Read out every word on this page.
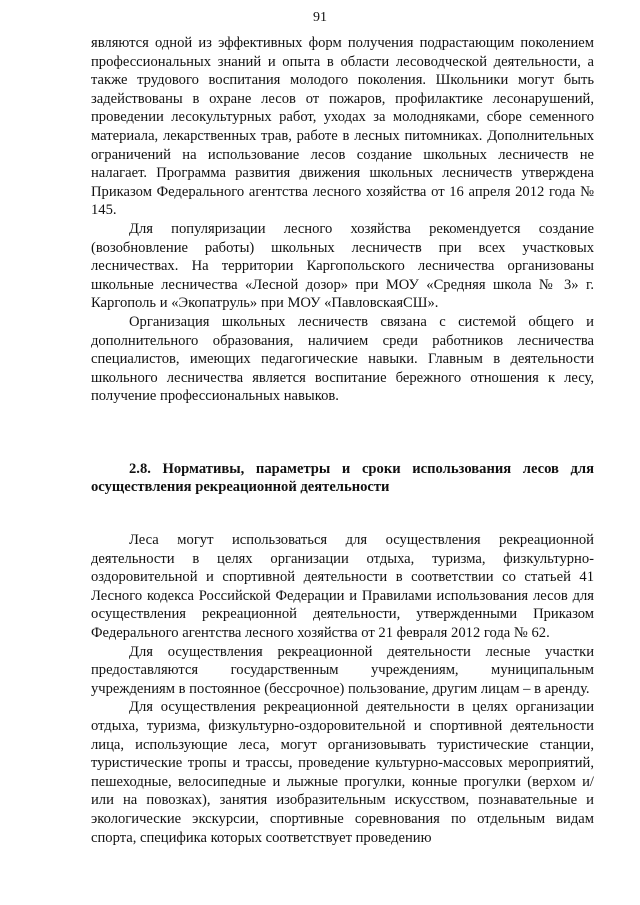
91

являются одной из эффективных форм получения подрастающим поколением профессиональных знаний и опыта в области лесоводческой деятельности, а также трудового воспитания молодого поколения. Школьники могут быть задействованы в охране лесов от пожаров, профилактике лесонарушений, проведении лесокультурных работ, уходах за молодняками, сборе семенного материала, лекарственных трав, работе в лесных питомниках. Дополнительных ограничений на использование лесов создание школьных лесничеств не налагает. Программа развития движения школьных лесничеств утверждена Приказом Федерального агентства лесного хозяйства от 16 апреля 2012 года № 145.

Для популяризации лесного хозяйства рекомендуется создание (возобновление работы) школьных лесничеств при всех участковых лесничествах. На территории Каргопольского лесничества организованы школьные лесничества «Лесной дозор» при МОУ «Средняя школа № 3» г. Каргополь и «Экопатруль» при МОУ «ПавловскаяСШ».

Организация школьных лесничеств связана с системой общего и дополнительного образования, наличием среди работников лесничества специалистов, имеющих педагогические навыки. Главным в деятельности школьного лесничества является воспитание бережного отношения к лесу, получение профессиональных навыков.

2.8. Нормативы, параметры и сроки использования лесов для осуществления рекреационной деятельности

Леса могут использоваться для осуществления рекреационной деятельности в целях организации отдыха, туризма, физкультурно-оздоровительной и спортивной деятельности в соответствии со статьей 41 Лесного кодекса Российской Федерации и Правилами использования лесов для осуществления рекреационной деятельности, утвержденными Приказом Федерального агентства лесного хозяйства от 21 февраля 2012 года № 62.

Для осуществления рекреационной деятельности лесные участки предоставляются государственным учреждениям, муниципальным учреждениям в постоянное (бессрочное) пользование, другим лицам – в аренду.

Для осуществления рекреационной деятельности в целях организации отдыха, туризма, физкультурно-оздоровительной и спортивной деятельности лица, использующие леса, могут организовывать туристические станции, туристические тропы и трассы, проведение культурно-массовых мероприятий, пешеходные, велосипедные и лыжные прогулки, конные прогулки (верхом и/или на повозках), занятия изобразительным искусством, познавательные и экологические экскурсии, спортивные соревнования по отдельным видам спорта, специфика которых соответствует проведению
